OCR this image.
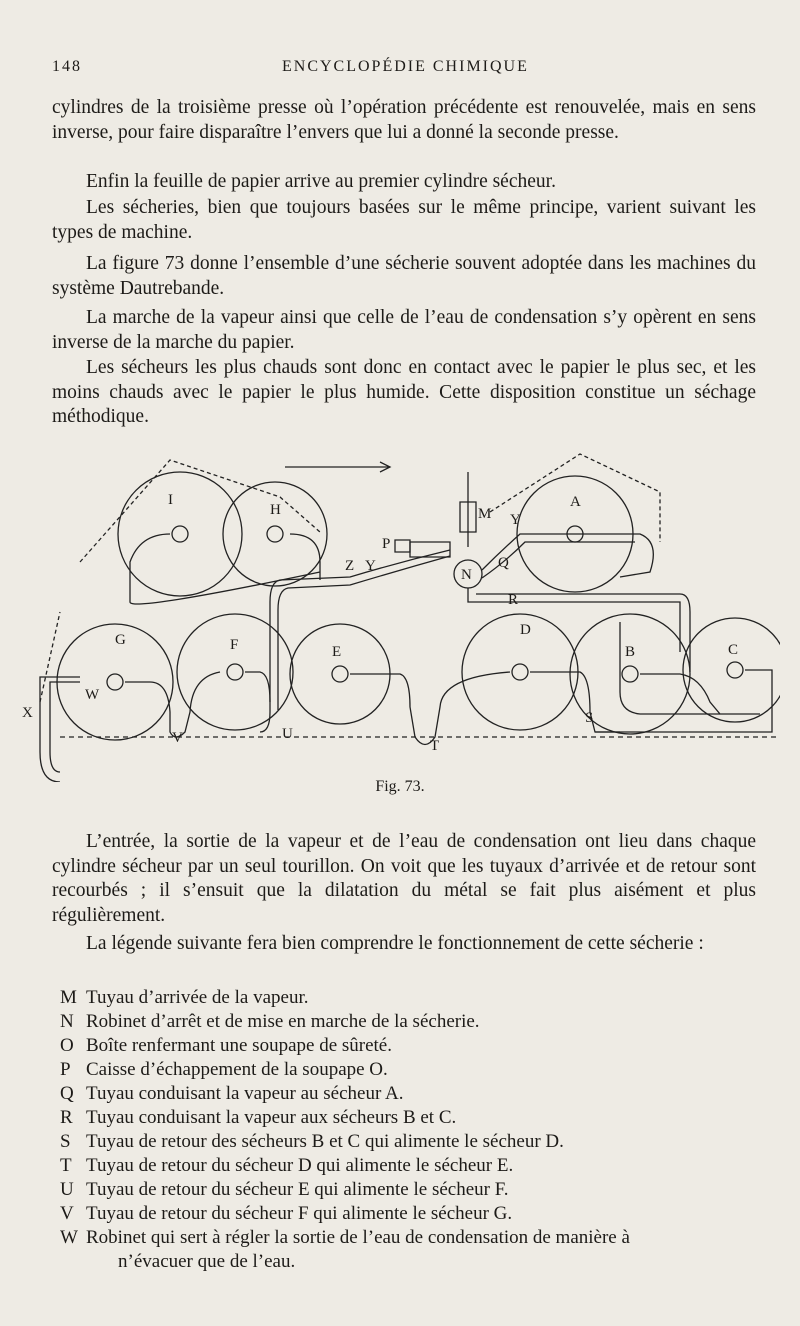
148	ENCYCLOPÉDIE CHIMIQUE

cylindres de la troisième presse où l’opération précédente est renouvelée, mais en sens inverse, pour faire disparaître l’envers que lui a donné la seconde presse.

Enfin la feuille de papier arrive au premier cylindre sécheur.

Les sécheries, bien que toujours basées sur le même principe, varient suivant les types de machine.

La figure 73 donne l’ensemble d’une sécherie souvent adoptée dans les machines du système Dautrebande.

La marche de la vapeur ainsi que celle de l’eau de condensation s’y opèrent en sens inverse de la marche du papier.

Les sécheurs les plus chauds sont donc en contact avec le papier le plus sec, et les moins chauds avec le papier le plus humide. Cette disposition constitue un séchage méthodique.

I
H	M Y
A
P
Z Y
N
Q
R
G	F	E
D
B	C
W
X
V	U
T
S
Fig. 73.

L’entrée, la sortie de la vapeur et de l’eau de condensation ont lieu dans chaque cylindre sécheur par un seul tourillon. On voit que les tuyaux d’arrivée et de retour sont recourbés ; il s’ensuit que la dilatation du métal se fait plus aisément et plus régulièrement.

La légende suivante fera bien comprendre le fonctionnement de cette sécherie :

M Tuyau d’arrivée de la vapeur.
N Robinet d’arrêt et de mise en marche de la sécherie.
O Boîte renfermant une soupape de sûreté.
P Caisse d’échappement de la soupape O.
Q Tuyau conduisant la vapeur au sécheur A.
R Tuyau conduisant la vapeur aux sécheurs B et C.
S Tuyau de retour des sécheurs B et C qui alimente le sécheur D.
T Tuyau de retour du sécheur D qui alimente le sécheur E.
U Tuyau de retour du sécheur E qui alimente le sécheur F.
V Tuyau de retour du sécheur F qui alimente le sécheur G.
W Robinet qui sert à régler la sortie de l’eau de condensation de manière à
n’évacuer que de l’eau.
